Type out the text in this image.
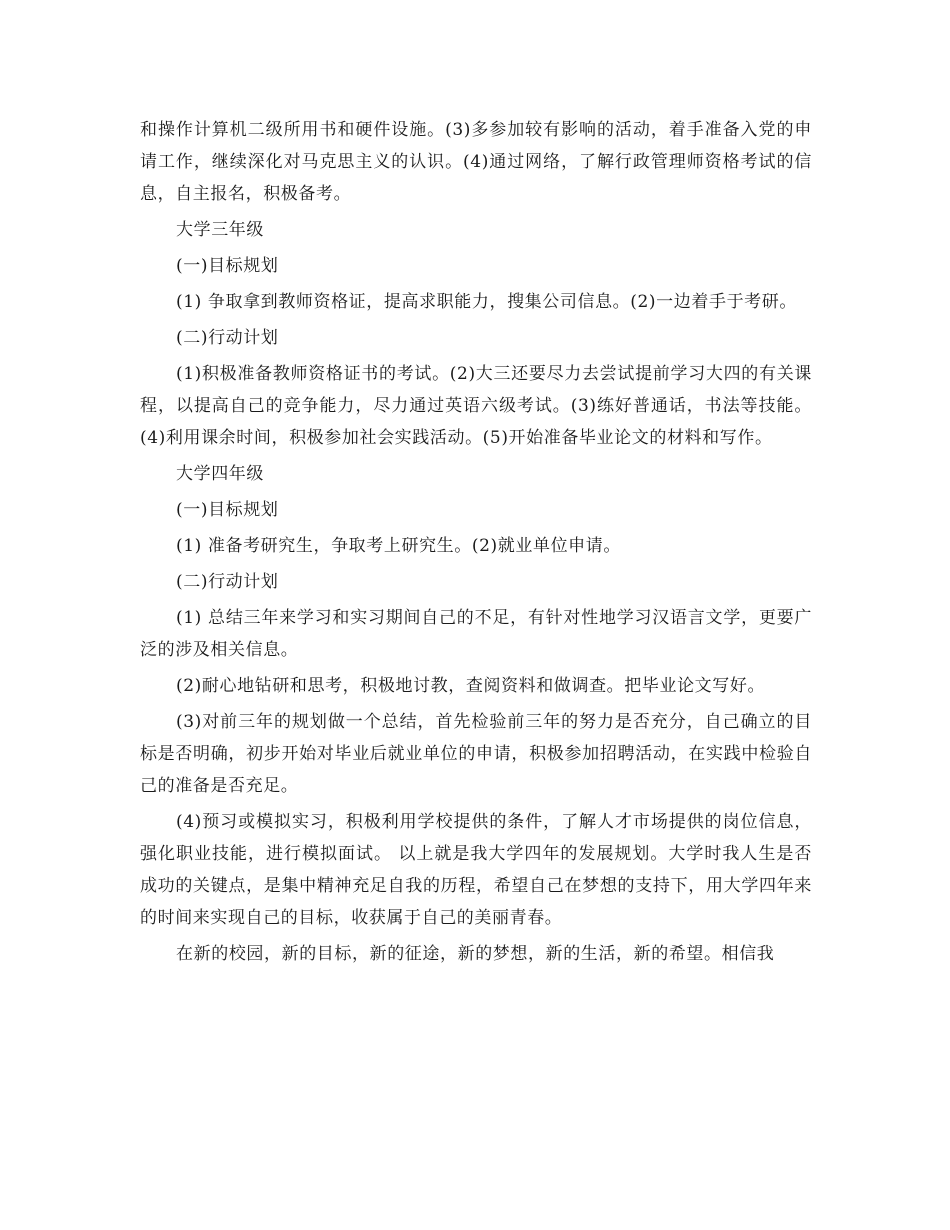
和操作计算机二级所用书和硬件设施。(3)多参加较有影响的活动，着手准备入党的申请工作，继续深化对马克思主义的认识。(4)通过网络，了解行政管理师资格考试的信息，自主报名，积极备考。

大学三年级

(一)目标规划

(1) 争取拿到教师资格证，提高求职能力，搜集公司信息。(2)一边着手于考研。

(二)行动计划

(1)积极准备教师资格证书的考试。(2)大三还要尽力去尝试提前学习大四的有关课程，以提高自己的竞争能力，尽力通过英语六级考试。(3)练好普通话，书法等技能。(4)利用课余时间，积极参加社会实践活动。(5)开始准备毕业论文的材料和写作。

大学四年级

(一)目标规划

(1) 准备考研究生，争取考上研究生。(2)就业单位申请。

(二)行动计划

(1) 总结三年来学习和实习期间自己的不足，有针对性地学习汉语言文学，更要广泛的涉及相关信息。

(2)耐心地钻研和思考，积极地讨教，查阅资料和做调查。把毕业论文写好。

(3)对前三年的规划做一个总结，首先检验前三年的努力是否充分，自己确立的目标是否明确，初步开始对毕业后就业单位的申请，积极参加招聘活动，在实践中检验自己的准备是否充足。

(4)预习或模拟实习，积极利用学校提供的条件，了解人才市场提供的岗位信息，强化职业技能，进行模拟面试。 以上就是我大学四年的发展规划。大学时我人生是否成功的关键点，是集中精神充足自我的历程，希望自己在梦想的支持下，用大学四年来的时间来实现自己的目标，收获属于自己的美丽青春。

在新的校园，新的目标，新的征途，新的梦想，新的生活，新的希望。相信我
